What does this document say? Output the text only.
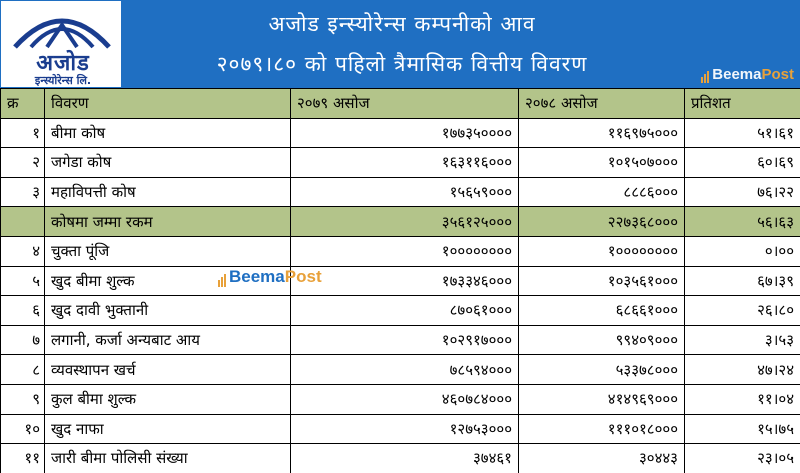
अजोड
इन्स्योरेन्स लि.
अजोड इन्स्योरेन्स कम्पनीको आव
२०७९।८० को पहिलो त्रैमासिक वित्तीय विवरण	BeemaPost
क्र	विवरण	२०७९ असोज	२०७८ असोज	प्रतिशत
१	बीमा कोष	१७७३५००००	११६९७५०००	५१।६१
२	जगेडा कोष	१६३११६०००	१०१५०७०००	६०।६९
३	महाविपत्ती कोष	१५६५९०००	८८८६०००	७६।२२
	कोषमा जम्मा रकम	३५६१२५०००	२२७३६८०००	५६।६३
४	चुक्ता पूंजि	१००००००००	१००००००००	०।००
५	खुद बीमा शुल्क	१७३३४६०००	१०३५६१०००	६७।३९
६	खुद दावी भुक्तानी	८७०६१०००	६८६६१०००	२६।८०
७	लगानी, कर्जा अन्यबाट आय	१०२९१७०००	९९४०९०००	३।५३
८	व्यवस्थापन खर्च	७८५९४०००	५३३७८०००	४७।२४
९	कुल बीमा शुल्क	४६०७८४०००	४१४९६९०००	११।०४
१०	खुद नाफा	१२७५३०००	१११०१८०००	१५।७५
११	जारी बीमा पोलिसी संख्या	३७४६१	३०४४३	२३।०५
BeemaPost
